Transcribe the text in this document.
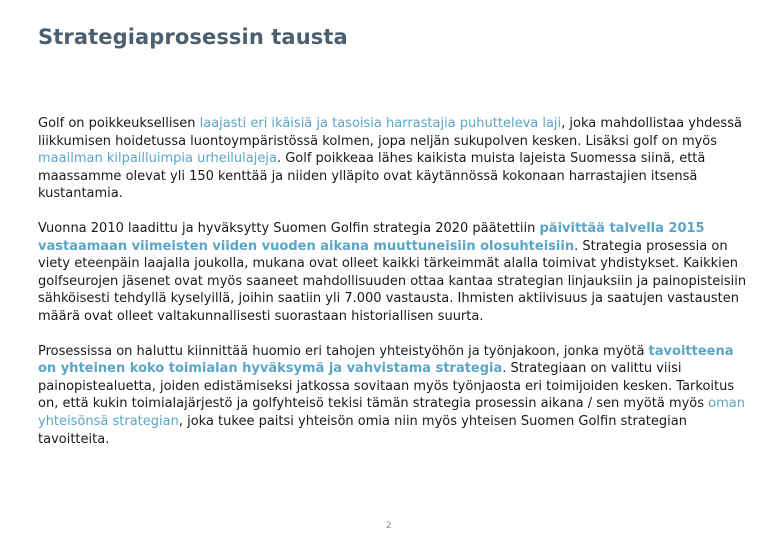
Strategiaprosessin tausta

Golf on poikkeuksellisen laajasti eri ikäisiä ja tasoisia harrastajia puhutteleva laji, joka mahdollistaa yhdessä liikkumisen hoidetussa luontoympäristössä kolmen, jopa neljän sukupolven kesken. Lisäksi golf on myös maailman kilpailluimpia urheilulajeja. Golf poikkeaa lähes kaikista muista lajeista Suomessa siinä, että maassamme olevat yli 150 kenttää ja niiden ylläpito ovat käytännössä kokonaan harrastajien itsensä kustantamia.

Vuonna 2010 laadittu ja hyväksytty Suomen Golfin strategia 2020 päätettiin päivittää talvella 2015 vastaamaan viimeisten viiden vuoden aikana muuttuneisiin olosuhteisiin. Strategia prosessia on viety eteenpäin laajalla joukolla, mukana ovat olleet kaikki tärkeimmät alalla toimivat yhdistykset. Kaikkien golfseurojen jäsenet ovat myös saaneet mahdollisuuden ottaa kantaa strategian linjauksiin ja painopisteisiin sähköisesti tehdyllä kyselyillä, joihin saatiin yli 7.000 vastausta. Ihmisten aktiivisuus ja saatujen vastausten määrä ovat olleet valtakunnallisesti suorastaan historiallisen suurta.

Prosessissa on haluttu kiinnittää huomio eri tahojen yhteistyöhön ja työnjakoon, jonka myötä tavoitteena on yhteinen koko toimialan hyväksymä ja vahvistama strategia. Strategiaan on valittu viisi painopistealuetta, joiden edistämiseksi jatkossa sovitaan myös työnjaosta eri toimijoiden kesken. Tarkoitus on, että kukin toimialajärjestö ja golfyhteisö tekisi tämän strategia prosessin aikana / sen myötä myös oman yhteisönsä strategian, joka tukee paitsi yhteisön omia niin myös yhteisen Suomen Golfin strategian tavoitteita.

2
